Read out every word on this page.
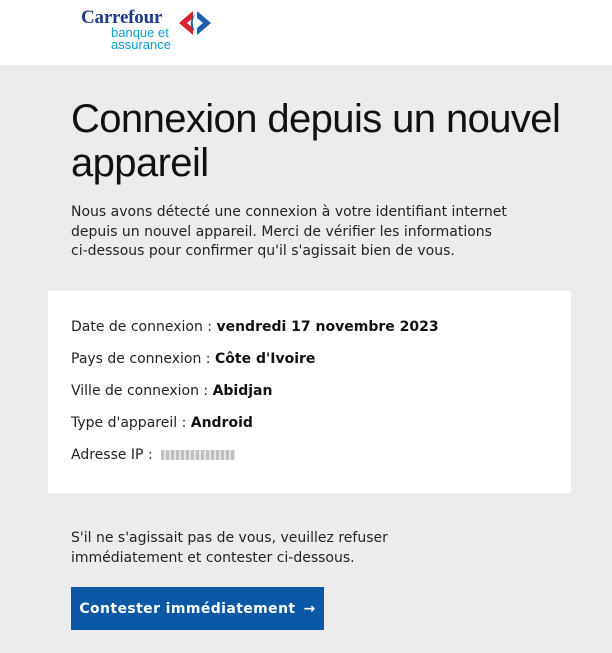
Carrefour
banque et
assurance
Connexion depuis un nouvel appareil

Nous avons détecté une connexion à votre identifiant internet depuis un nouvel appareil. Merci de vérifier les informations ci-dessous pour confirmer qu'il s'agissait bien de vous.

Date de connexion : vendredi 17 novembre 2023
Pays de connexion : Côte d'Ivoire
Ville de connexion : Abidjan
Type d'appareil : Android
Adresse IP :

S'il ne s'agissait pas de vous, veuillez refuser immédiatement et contester ci-dessous.

Contester immédiatement →
